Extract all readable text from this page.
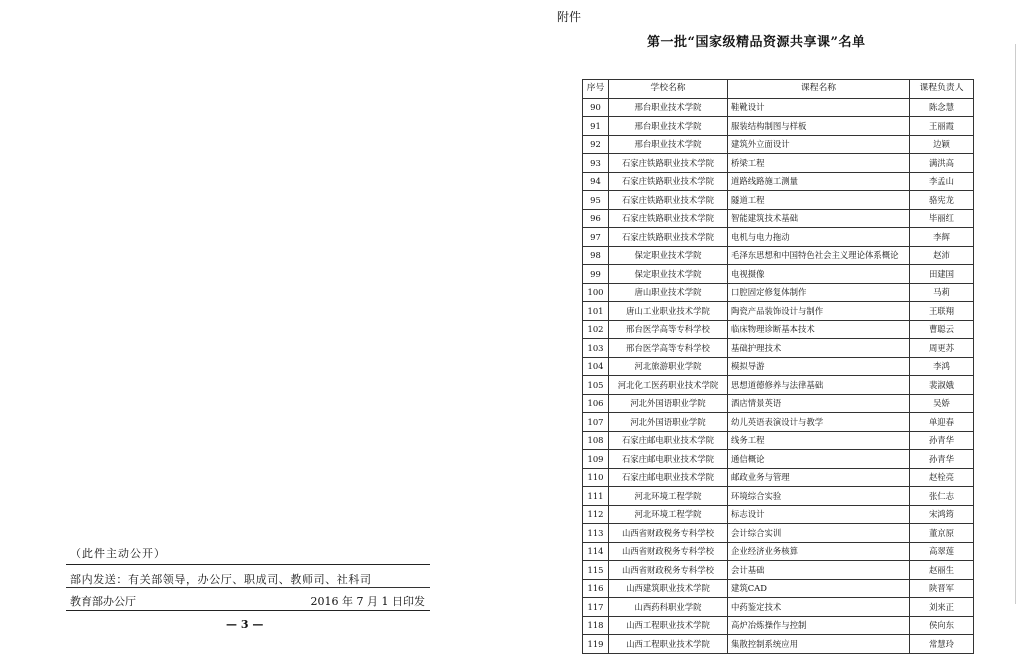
（此件主动公开）
部内发送：有关部领导，办公厅、职成司、教师司、社科司
教育部办公厅	2016 年 7 月 1 日印发
— 3 —
附件
第一批“国家级精品资源共享课”名单
序号	学校名称	课程名称	课程负责人
90	邢台职业技术学院	鞋靴设计	陈念慧
91	邢台职业技术学院	服装结构制图与样板	王丽霞
92	邢台职业技术学院	建筑外立面设计	边颖
93	石家庄铁路职业技术学院	桥梁工程	满洪高
94	石家庄铁路职业技术学院	道路线路施工测量	李孟山
95	石家庄铁路职业技术学院	隧道工程	骆宪龙
96	石家庄铁路职业技术学院	智能建筑技术基础	毕丽红
97	石家庄铁路职业技术学院	电机与电力拖动	李辉
98	保定职业技术学院	毛泽东思想和中国特色社会主义理论体系概论	赵沛
99	保定职业技术学院	电视摄像	田建国
100	唐山职业技术学院	口腔固定修复体制作	马莉
101	唐山工业职业技术学院	陶瓷产品装饰设计与制作	王联翔
102	邢台医学高等专科学校	临床物理诊断基本技术	曹聪云
103	邢台医学高等专科学校	基础护理技术	周更苏
104	河北旅游职业学院	模拟导游	李鸿
105	河北化工医药职业技术学院	思想道德修养与法律基础	裴淑娥
106	河北外国语职业学院	酒店情景英语	吴娇
107	河北外国语职业学院	幼儿英语表演设计与教学	单迎春
108	石家庄邮电职业技术学院	线务工程	孙青华
109	石家庄邮电职业技术学院	通信概论	孙青华
110	石家庄邮电职业技术学院	邮政业务与管理	赵栓亮
111	河北环境工程学院	环境综合实验	张仁志
112	河北环境工程学院	标志设计	宋鸿筠
113	山西省财政税务专科学校	会计综合实训	董京原
114	山西省财政税务专科学校	企业经济业务核算	高翠莲
115	山西省财政税务专科学校	会计基础	赵丽生
116	山西建筑职业技术学院	建筑CAD	陕晋军
117	山西药科职业学院	中药鉴定技术	刘来正
118	山西工程职业技术学院	高炉冶炼操作与控制	侯向东
119	山西工程职业技术学院	集散控制系统应用	常慧玲
